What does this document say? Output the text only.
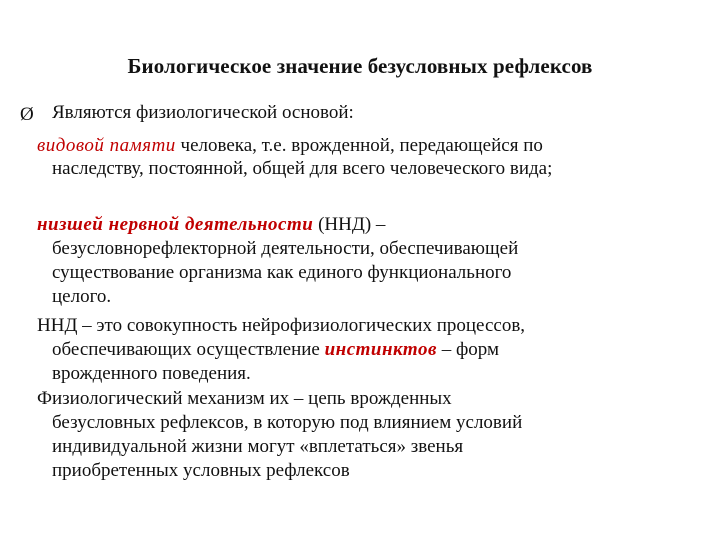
Биологическое значение безусловных рефлексов
Ø Являются физиологической основой:
видовой памяти человека, т.е. врожденной, передающейся по
наследству, постоянной, общей для всего человеческого вида;
низшей нервной деятельности (ННД) –
безусловнорефлекторной деятельности, обеспечивающей
существование организма как единого функционального
целого.
ННД – это совокупность нейрофизиологических процессов,
обеспечивающих осуществление инстинктов – форм
врожденного поведения.
Физиологический механизм их – цепь врожденных
безусловных рефлексов, в которую под влиянием условий
индивидуальной жизни могут «вплетаться» звенья
приобретенных условных рефлексов
